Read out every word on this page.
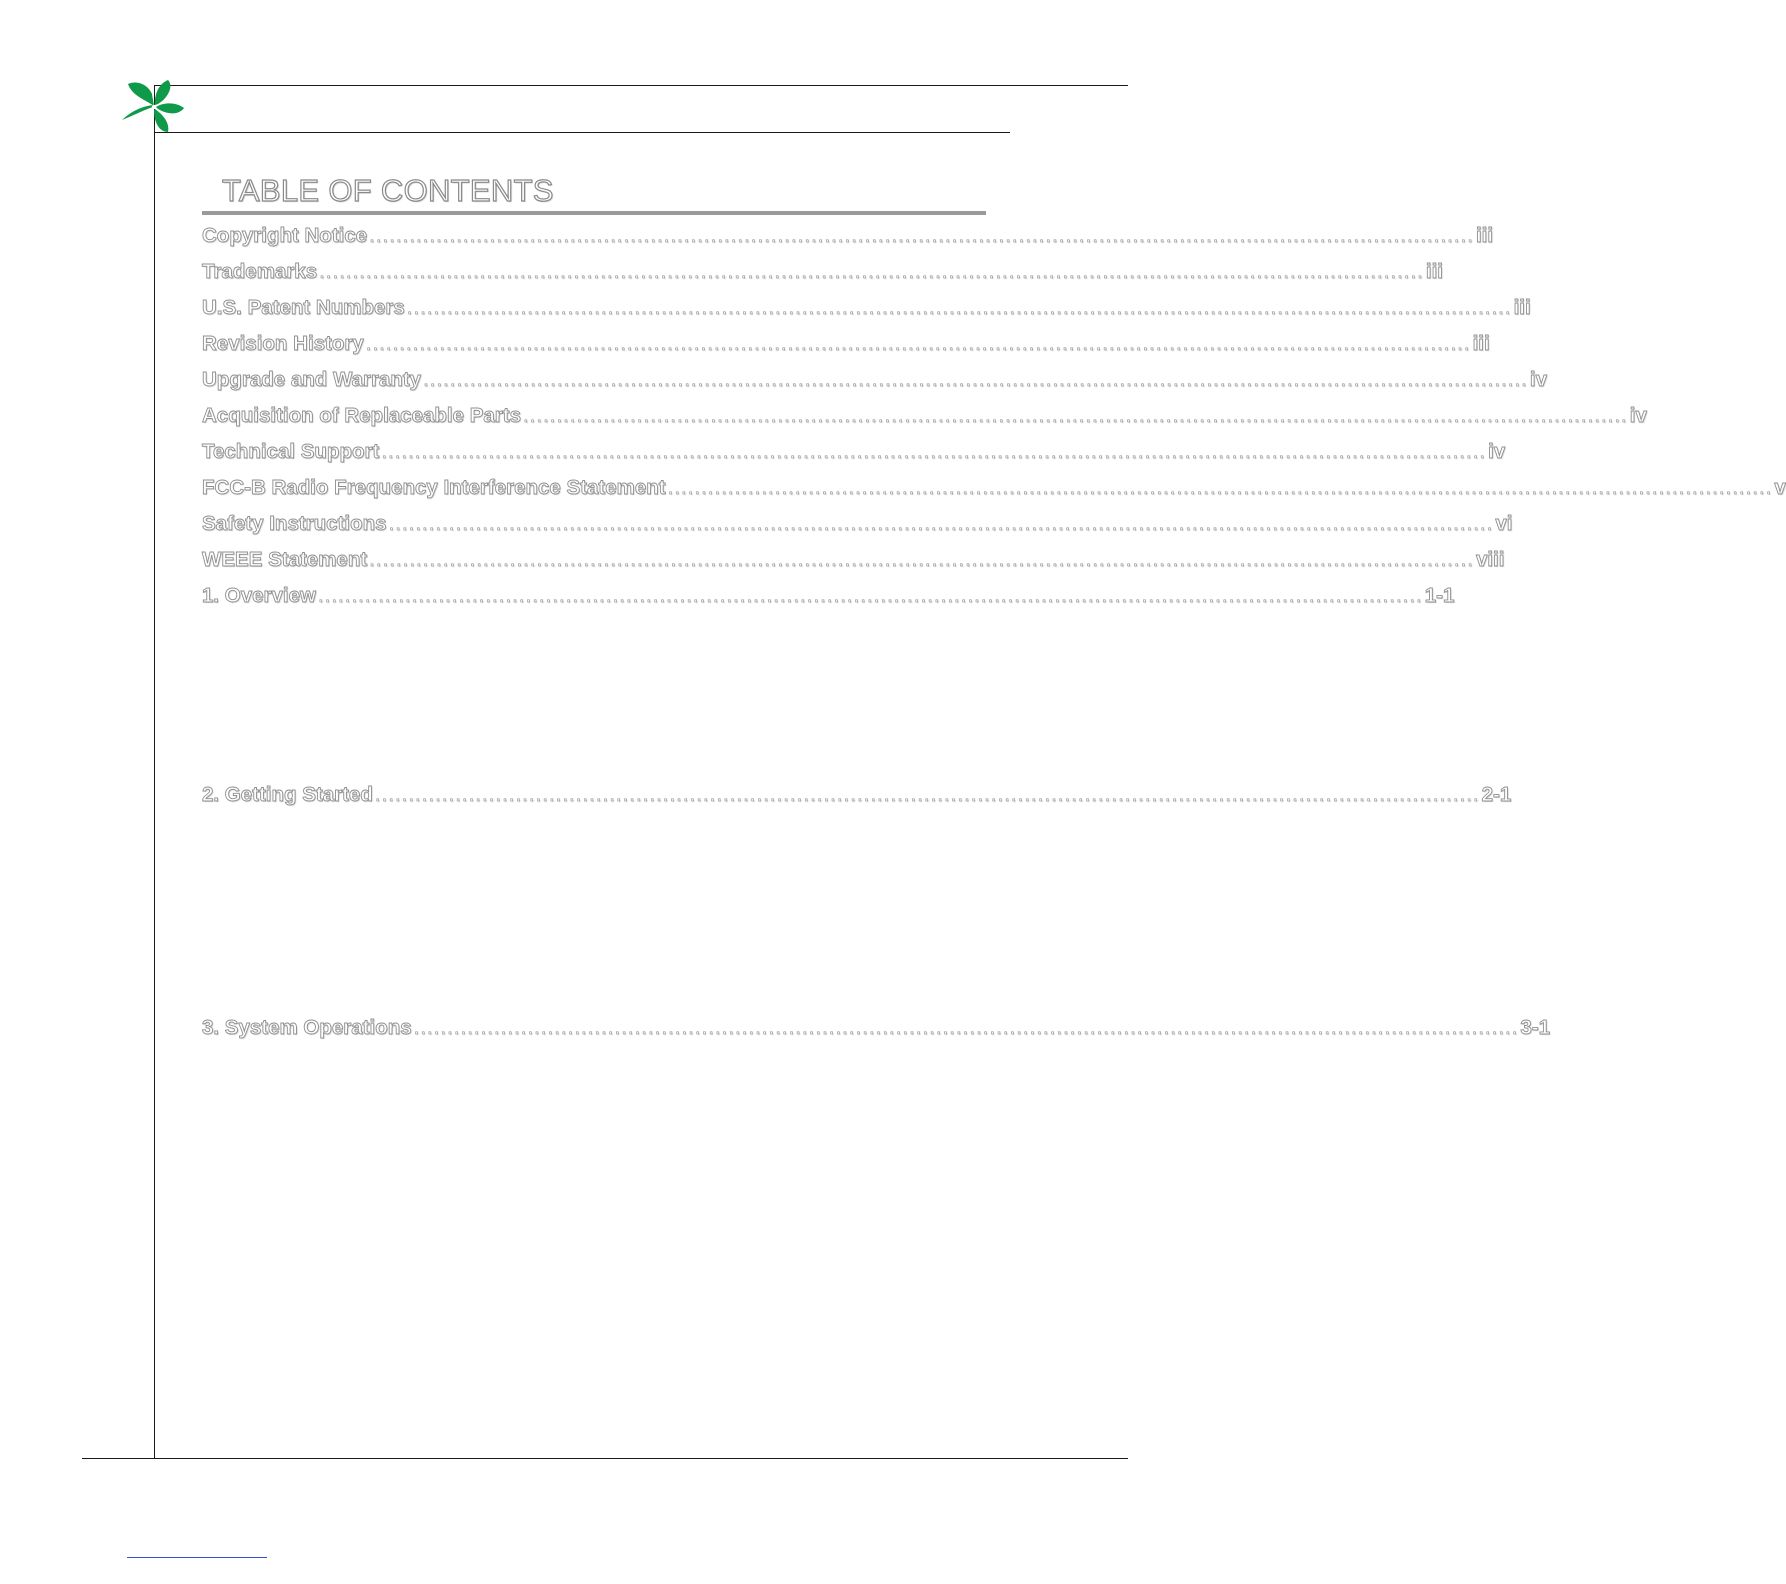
TABLE OF CONTENTS
Copyright Notice ..................................................................................................................................................................... iii
Trademarks ..................................................................................................................................................................... iii
U.S. Patent Numbers ..................................................................................................................................................................... iii
Revision History ..................................................................................................................................................................... iii
Upgrade and Warranty ..................................................................................................................................................................... iv
Acquisition of Replaceable Parts ..................................................................................................................................................................... iv
Technical Support ..................................................................................................................................................................... iv
FCC-B Radio Frequency Interference Statement ..................................................................................................................................................................... v
Safety Instructions ..................................................................................................................................................................... vi
WEEE Statement ..................................................................................................................................................................... viii
1. Overview ..................................................................................................................................................................... 1-1
2. Getting Started ..................................................................................................................................................................... 2-1
3. System Operations ..................................................................................................................................................................... 3-1
